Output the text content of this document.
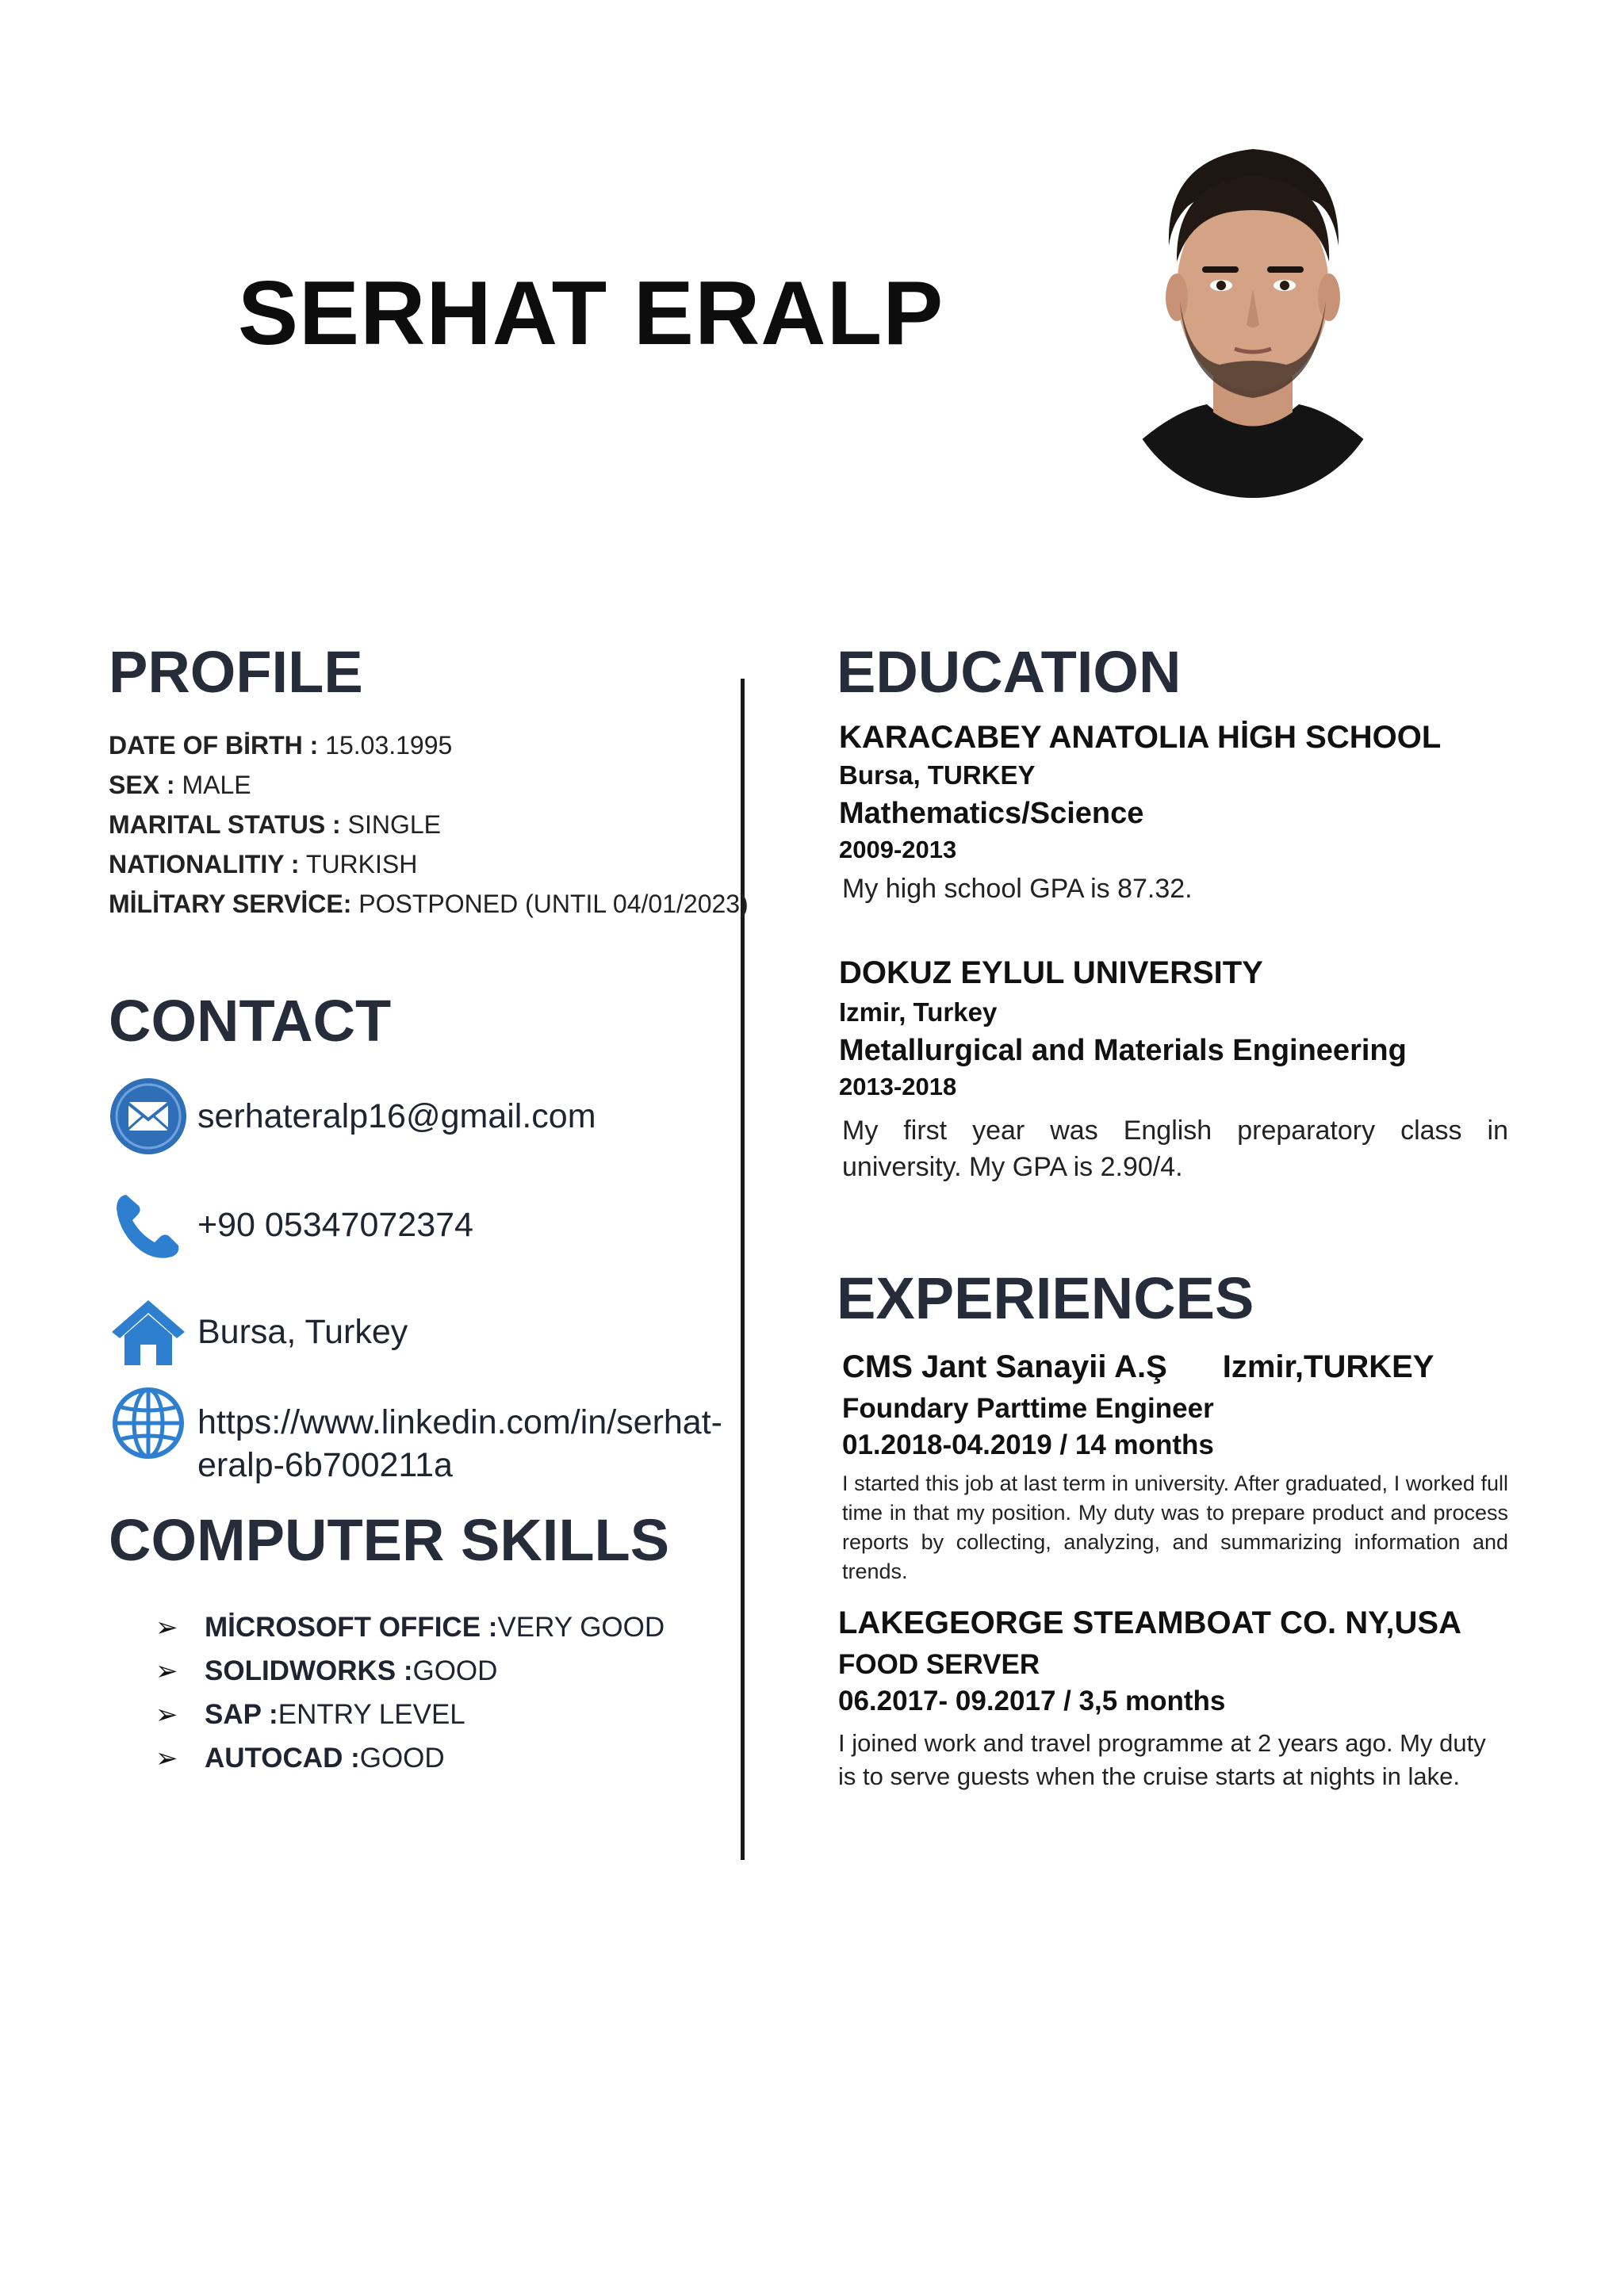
SERHAT ERALP
PROFILE
DATE OF BİRTH : 15.03.1995
SEX : MALE
MARITAL STATUS : SINGLE
NATIONALITIY : TURKISH
MİLİTARY SERVİCE: POSTPONED (UNTIL 04/01/2023)
CONTACT
serhateralp16@gmail.com
+90 05347072374
Bursa, Turkey
https://www.linkedin.com/in/serhat-
eralp-6b700211a
COMPUTER SKILLS
➢ MİCROSOFT OFFICE : VERY GOOD
➢ SOLIDWORKS : GOOD
➢ SAP : ENTRY LEVEL
➢ AUTOCAD : GOOD
EDUCATION
KARACABEY ANATOLIA HİGH SCHOOL
Bursa, TURKEY
Mathematics/Science
2009-2013
My high school GPA is 87.32.
DOKUZ EYLUL UNIVERSITY
Izmir, Turkey
Metallurgical and Materials Engineering
2013-2018
My first year was English preparatory class in university. My GPA is 2.90/4.
EXPERIENCES
CMS Jant Sanayii A.Ş Izmir,TURKEY
Foundary Parttime Engineer
01.2018-04.2019 / 14 months
I started this job at last term in university. After graduated, I worked full time in that my position. My duty was to prepare product and process reports by collecting, analyzing, and summarizing information and trends.
LAKEGEORGE STEAMBOAT CO. NY,USA
FOOD SERVER
06.2017- 09.2017 / 3,5 months
I joined work and travel programme at 2 years ago. My duty is to serve guests when the cruise starts at nights in lake.
